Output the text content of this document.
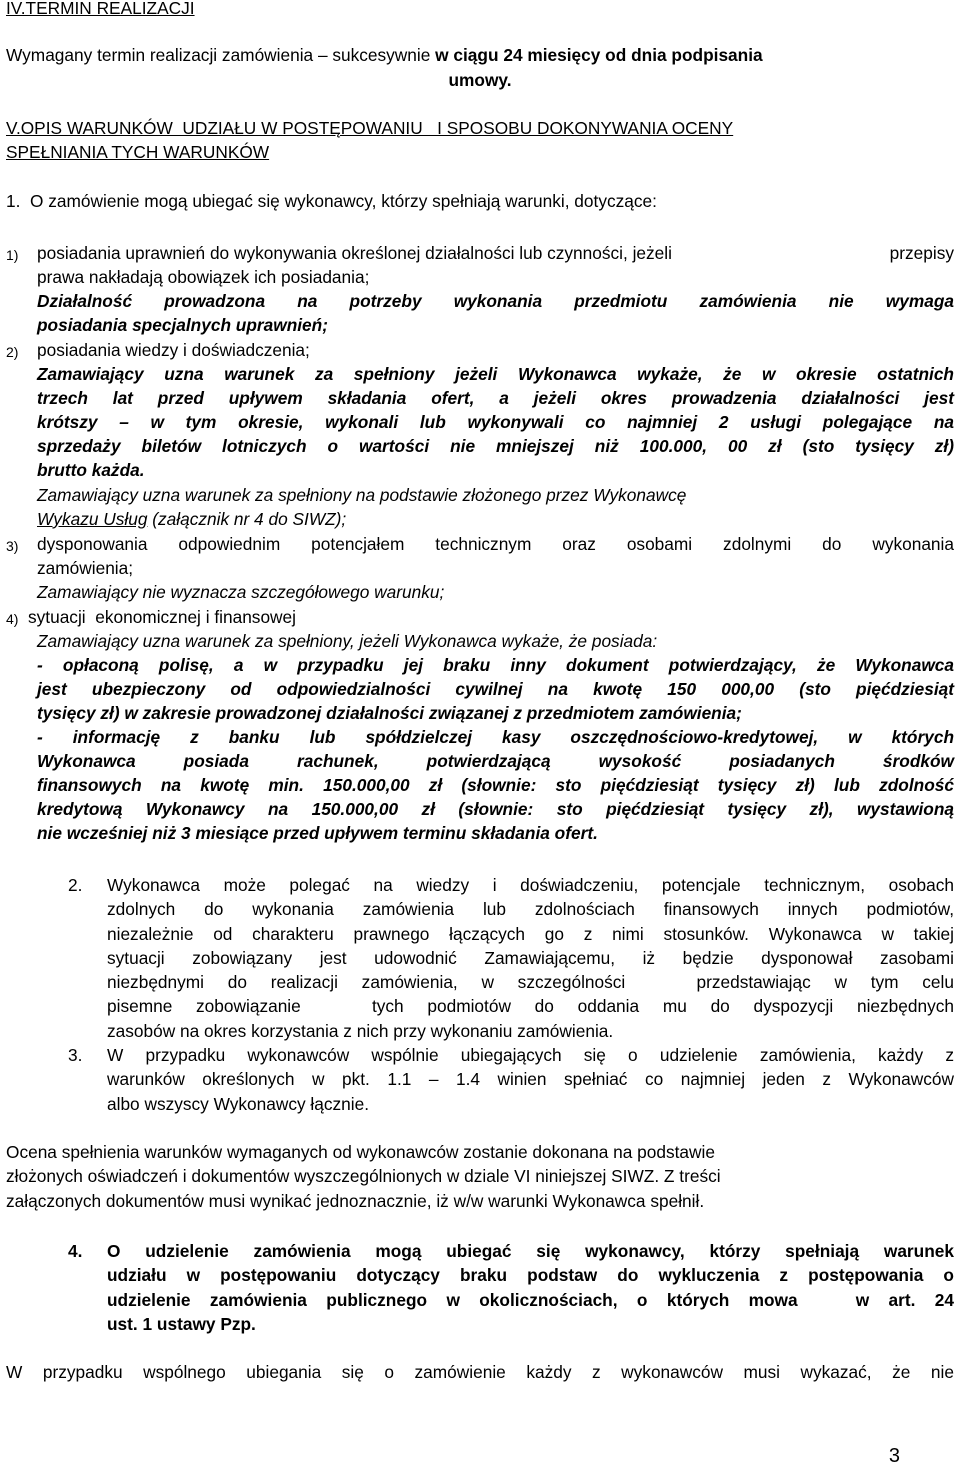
IV.TERMIN REALIZACJI
Wymagany termin realizacji zamówienia – sukcesywnie w ciągu 24 miesięcy od dnia podpisania
umowy.
V.OPIS WARUNKÓW  UDZIAŁU W POSTĘPOWANIU   I SPOSOBU DOKONYWANIA OCENY
SPEŁNIANIA TYCH WARUNKÓW
1.  O zamówienie mogą ubiegać się wykonawcy, którzy spełniają warunki, dotyczące:
1) posiadania uprawnień do wykonywania określonej działalności lub czynności, jeżeli	przepisy
prawa nakładają obowiązek ich posiadania;
Działalność prowadzona na potrzeby wykonania przedmiotu zamówienia nie wymaga
posiadania specjalnych uprawnień;
2) posiadania wiedzy i doświadczenia;
Zamawiający uzna warunek za spełniony jeżeli Wykonawca wykaże, że w okresie ostatnich
trzech lat przed upływem składania ofert, a jeżeli okres prowadzenia działalności jest
krótszy – w tym okresie, wykonali lub wykonywali co najmniej 2 usługi polegające na
sprzedaży biletów lotniczych o wartości nie mniejszej niż 100.000, 00 zł (sto tysięcy zł)
brutto każda.
Zamawiający uzna warunek za spełniony na podstawie złożonego przez Wykonawcę
Wykazu Usług (załącznik nr 4 do SIWZ);
3) dysponowania odpowiednim potencjałem technicznym oraz osobami zdolnymi do wykonania
zamówienia;
Zamawiający nie wyznacza szczegółowego warunku;
4) sytuacji  ekonomicznej i finansowej
Zamawiający uzna warunek za spełniony, jeżeli Wykonawca wykaże, że posiada:
- opłaconą polisę, a w przypadku jej braku inny dokument potwierdzający, że Wykonawca
jest ubezpieczony od odpowiedzialności cywilnej na kwotę 150 000,00 (sto pięćdziesiąt
tysięcy zł) w zakresie prowadzonej działalności związanej z przedmiotem zamówienia;
- informację z banku lub spółdzielczej kasy oszczędnościowo-kredytowej, w których
Wykonawca posiada rachunek, potwierdzającą wysokość posiadanych środków
finansowych na kwotę min. 150.000,00 zł (słownie: sto pięćdziesiąt tysięcy zł) lub zdolność
kredytową Wykonawcy na 150.000,00 zł (słownie: sto pięćdziesiąt tysięcy zł), wystawioną
nie wcześniej niż 3 miesiące przed upływem terminu składania ofert.
2. Wykonawca może polegać na wiedzy i doświadczeniu, potencjale technicznym, osobach
zdolnych do wykonania zamówienia lub zdolnościach finansowych innych podmiotów,
niezależnie od charakteru prawnego łączących go z nimi stosunków. Wykonawca w takiej
sytuacji zobowiązany jest udowodnić Zamawiającemu, iż będzie dysponował zasobami
niezbędnymi do realizacji zamówienia, w szczególności   przedstawiając w tym celu
pisemne zobowiązanie   tych podmiotów do oddania mu do dyspozycji niezbędnych
zasobów na okres korzystania z nich przy wykonaniu zamówienia.
3. W przypadku wykonawców wspólnie ubiegających się o udzielenie zamówienia, każdy z
warunków określonych w pkt. 1.1 – 1.4 winien spełniać co najmniej jeden z Wykonawców
albo wszyscy Wykonawcy łącznie.
Ocena spełnienia warunków wymaganych od wykonawców zostanie dokonana na podstawie
złożonych oświadczeń i dokumentów wyszczególnionych w dziale VI niniejszej SIWZ. Z treści
załączonych dokumentów musi wynikać jednoznacznie, iż w/w warunki Wykonawca spełnił.
4. O udzielenie zamówienia mogą ubiegać się wykonawcy, którzy spełniają warunek
udziału w postępowaniu dotyczący braku podstaw do wykluczenia z postępowania o
udzielenie zamówienia publicznego w okolicznościach, o których mowa   w art. 24
ust. 1 ustawy Pzp.
W przypadku wspólnego ubiegania się o zamówienie każdy z wykonawców musi wykazać, że nie
3
